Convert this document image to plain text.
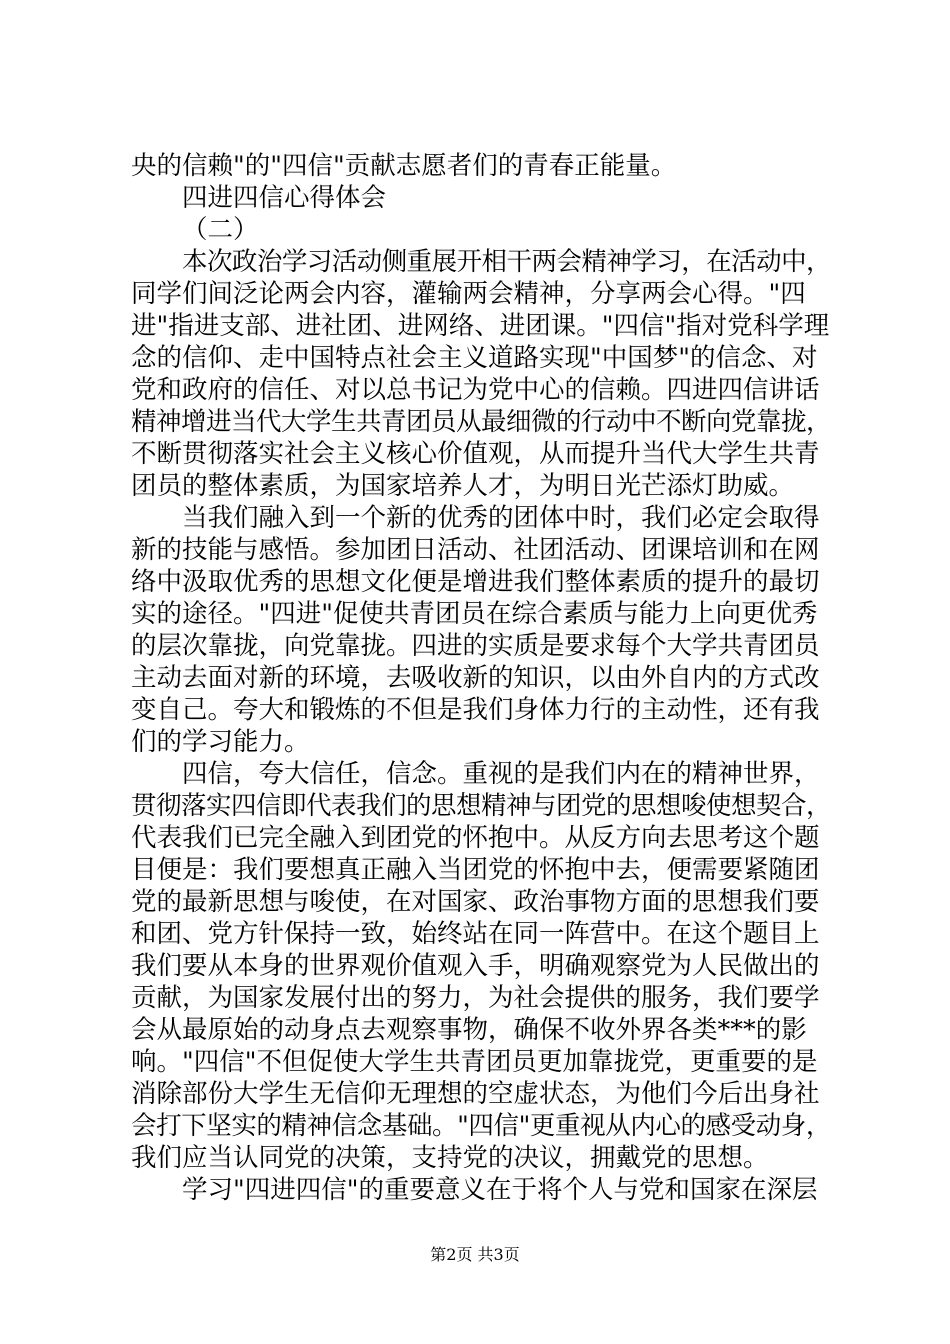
央的信赖"的"四信"贡献志愿者们的青春正能量。
四进四信心得体会
（二）
本次政治学习活动侧重展开相干两会精神学习，在活动中，
同学们间泛论两会内容，灌输两会精神，分享两会心得。"四
进"指进支部、进社团、进网络、进团课。"四信"指对党科学理
念的信仰、走中国特点社会主义道路实现"中国梦"的信念、对
党和政府的信任、对以总书记为党中心的信赖。四进四信讲话
精神增进当代大学生共青团员从最细微的行动中不断向党靠拢，
不断贯彻落实社会主义核心价值观，从而提升当代大学生共青
团员的整体素质，为国家培养人才，为明日光芒添灯助威。
当我们融入到一个新的优秀的团体中时，我们必定会取得
新的技能与感悟。参加团日活动、社团活动、团课培训和在网
络中汲取优秀的思想文化便是增进我们整体素质的提升的最切
实的途径。"四进"促使共青团员在综合素质与能力上向更优秀
的层次靠拢，向党靠拢。四进的实质是要求每个大学共青团员
主动去面对新的环境，去吸收新的知识，以由外自内的方式改
变自己。夸大和锻炼的不但是我们身体力行的主动性，还有我
们的学习能力。
四信，夸大信任，信念。重视的是我们内在的精神世界，
贯彻落实四信即代表我们的思想精神与团党的思想唆使想契合，
代表我们已完全融入到团党的怀抱中。从反方向去思考这个题
目便是：我们要想真正融入当团党的怀抱中去，便需要紧随团
党的最新思想与唆使，在对国家、政治事物方面的思想我们要
和团、党方针保持一致，始终站在同一阵营中。在这个题目上
我们要从本身的世界观价值观入手，明确观察党为人民做出的
贡献，为国家发展付出的努力，为社会提供的服务，我们要学
会从最原始的动身点去观察事物，确保不收外界各类***的影
响。"四信"不但促使大学生共青团员更加靠拢党，更重要的是
消除部份大学生无信仰无理想的空虚状态，为他们今后出身社
会打下坚实的精神信念基础。"四信"更重视从内心的感受动身，
我们应当认同党的决策，支持党的决议，拥戴党的思想。
学习"四进四信"的重要意义在于将个人与党和国家在深层
第2页 共3页
